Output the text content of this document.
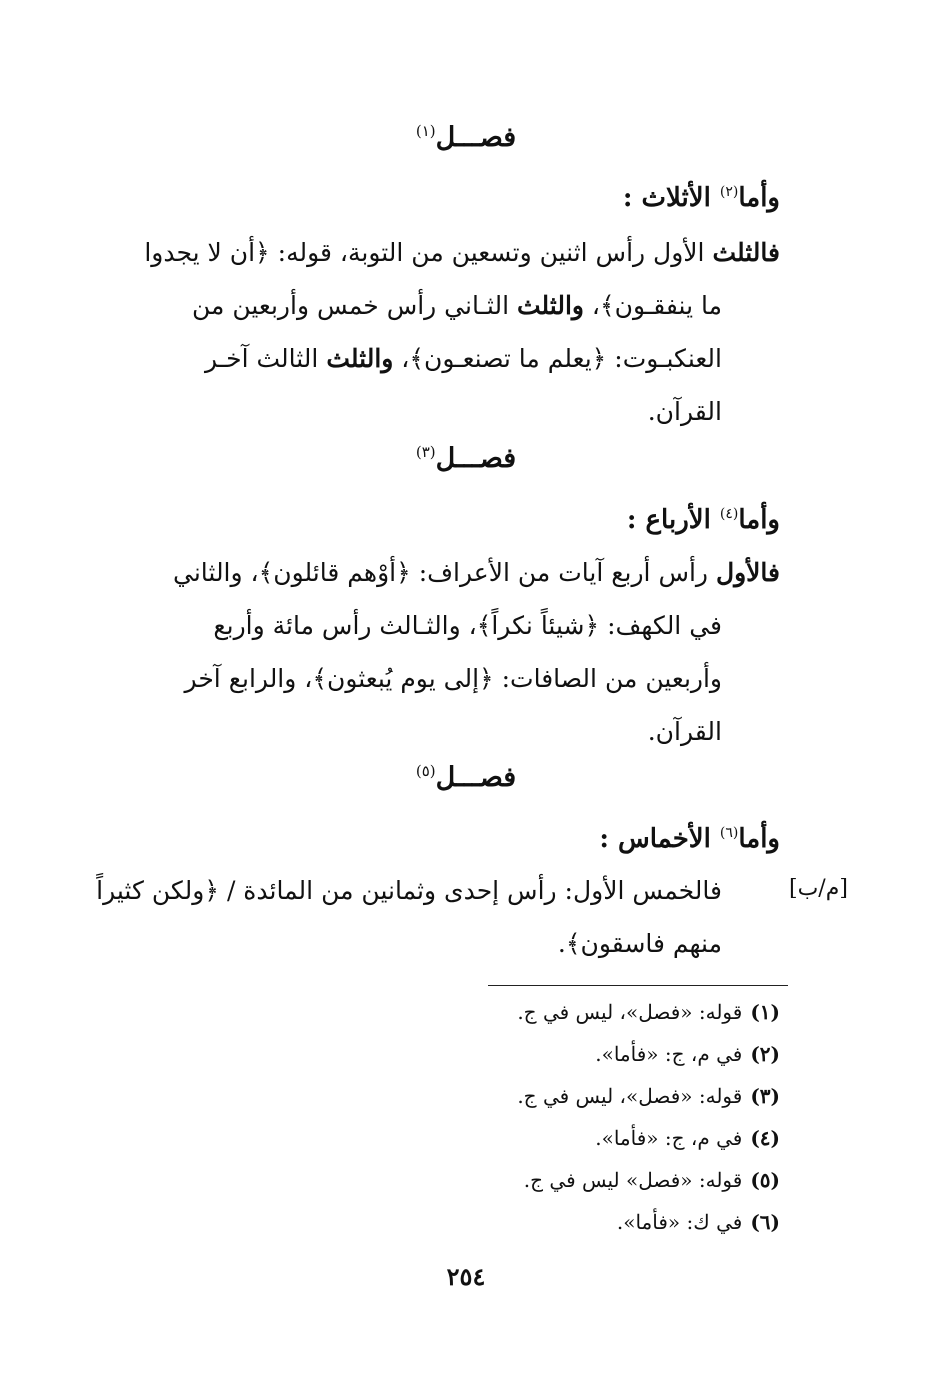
فصـــل$^{(١)}$
وأما$^{(٢)}$ الأثلاث :
فالثلث الأول رأس اثنين وتسعين من التوبة، قوله: ﴿أن لا يجدوا
ما ينفقـون﴾، والثلث الثـاني رأس خمس وأربعين من
العنكبـوت: ﴿يعلم ما تصنعـون﴾، والثلث الثالث آخـر
القرآن.
فصـــل$^{(٣)}$
وأما$^{(٤)}$ الأرباع :
فالأول رأس أربع آيات من الأعراف: ﴿أوْهم قائلون﴾، والثاني
في الكهف: ﴿شيئاً نكراً﴾، والثـالث رأس مائة وأربع
وأربعين من الصافات: ﴿إلى يوم يُبعثون﴾، والرابع آخر
القرآن.
فصـــل$^{(٥)}$
وأما$^{(٦)}$ الأخماس :
فالخمس الأول: رأس إحدى وثمانين من المائدة / ﴿ولكن كثيراً
منهم فاسقون﴾.
[م/ب]
(١)قوله: «فصل»، ليس في ج.
(٢)في م، ج: «فأما».
(٣)قوله: «فصل»، ليس في ج.
(٤)في م، ج: «فأما».
(٥)قوله: «فصل» ليس في ج.
(٦)في ك: «فأما».
٢٥٤
